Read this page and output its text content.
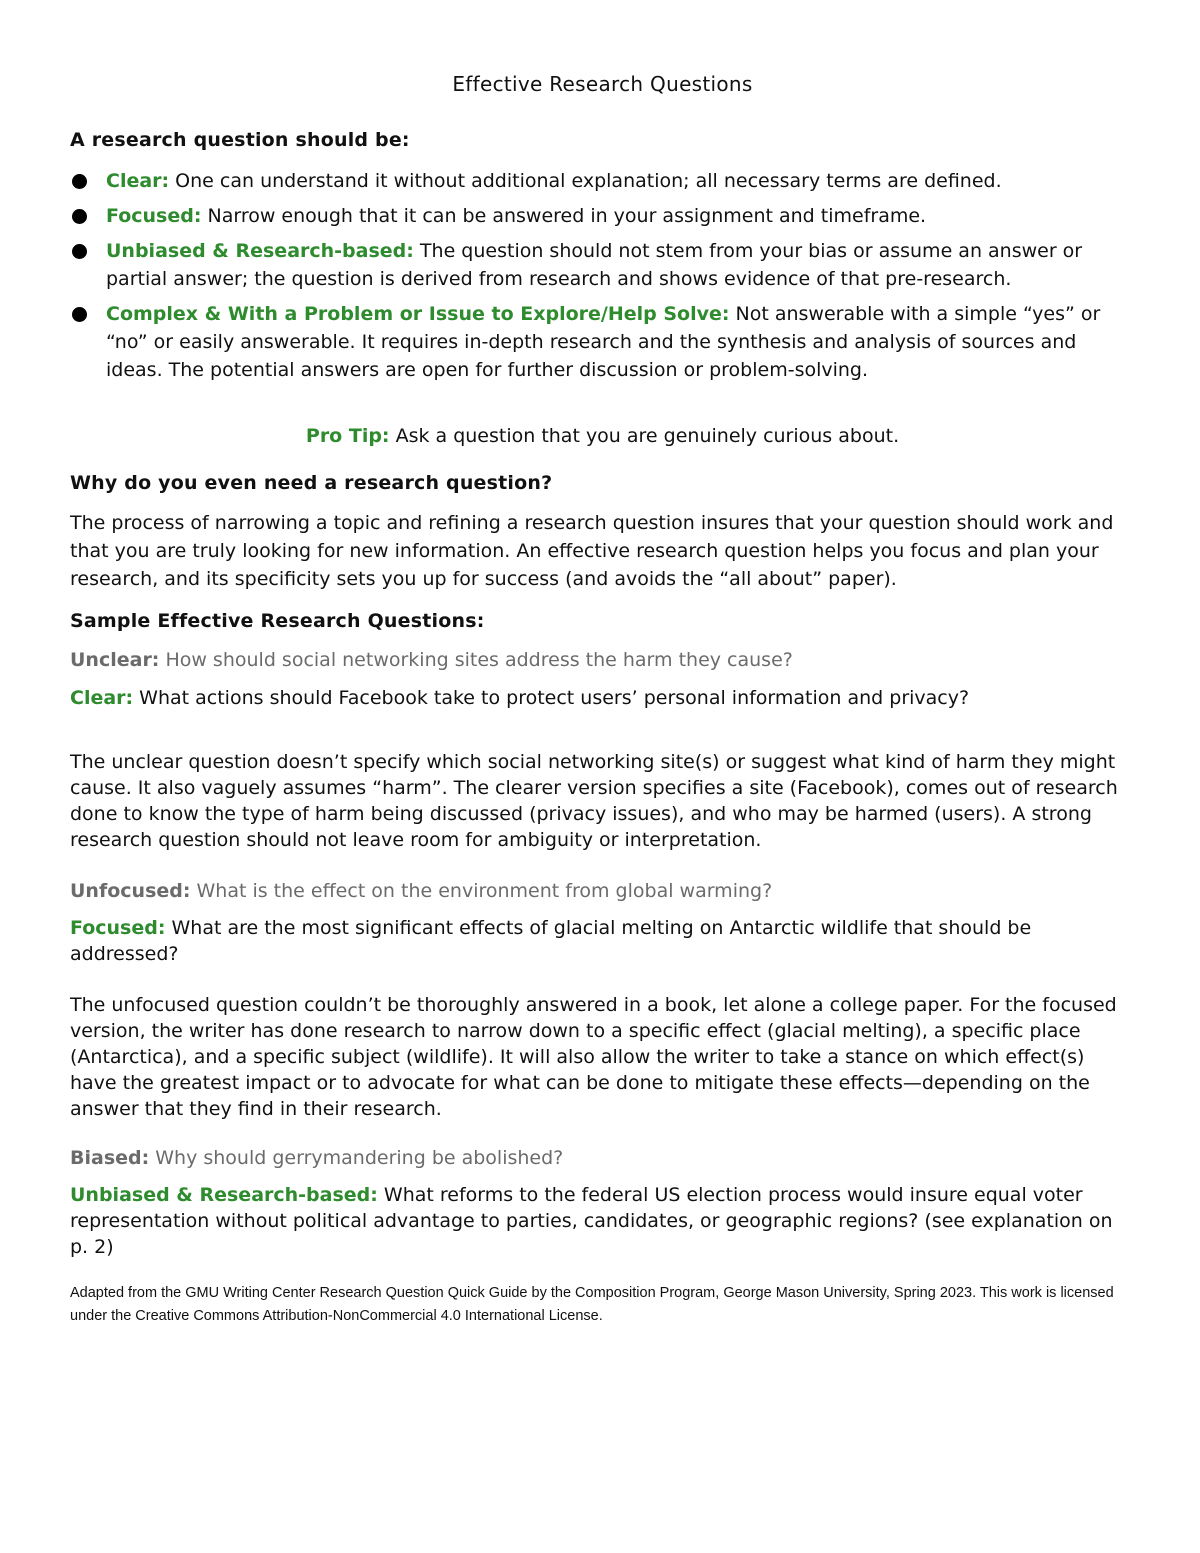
Effective Research Questions
A research question should be:
Clear: One can understand it without additional explanation; all necessary terms are defined.
Focused: Narrow enough that it can be answered in your assignment and timeframe.
Unbiased & Research-based: The question should not stem from your bias or assume an answer or partial answer; the question is derived from research and shows evidence of that pre-research.
Complex & With a Problem or Issue to Explore/Help Solve: Not answerable with a simple “yes” or “no” or easily answerable. It requires in-depth research and the synthesis and analysis of sources and ideas. The potential answers are open for further discussion or problem-solving.

Pro Tip: Ask a question that you are genuinely curious about.

Why do you even need a research question?

The process of narrowing a topic and refining a research question insures that your question should work and that you are truly looking for new information. An effective research question helps you focus and plan your research, and its specificity sets you up for success (and avoids the “all about” paper).

Sample Effective Research Questions:

Unclear: How should social networking sites address the harm they cause?

Clear: What actions should Facebook take to protect users’ personal information and privacy?

The unclear question doesn’t specify which social networking site(s) or suggest what kind of harm they might cause. It also vaguely assumes “harm”. The clearer version specifies a site (Facebook), comes out of research done to know the type of harm being discussed (privacy issues), and who may be harmed (users). A strong research question should not leave room for ambiguity or interpretation.

Unfocused: What is the effect on the environment from global warming?

Focused: What are the most significant effects of glacial melting on Antarctic wildlife that should be addressed?

The unfocused question couldn’t be thoroughly answered in a book, let alone a college paper. For the focused version, the writer has done research to narrow down to a specific effect (glacial melting), a specific place (Antarctica), and a specific subject (wildlife). It will also allow the writer to take a stance on which effect(s) have the greatest impact or to advocate for what can be done to mitigate these effects—depending on the answer that they find in their research.

Biased: Why should gerrymandering be abolished?

Unbiased & Research-based: What reforms to the federal US election process would insure equal voter representation without political advantage to parties, candidates, or geographic regions? (see explanation on p. 2)

Adapted from the GMU Writing Center Research Question Quick Guide by the Composition Program, George Mason University, Spring 2023. This work is licensed under the Creative Commons Attribution-NonCommercial 4.0 International License.
